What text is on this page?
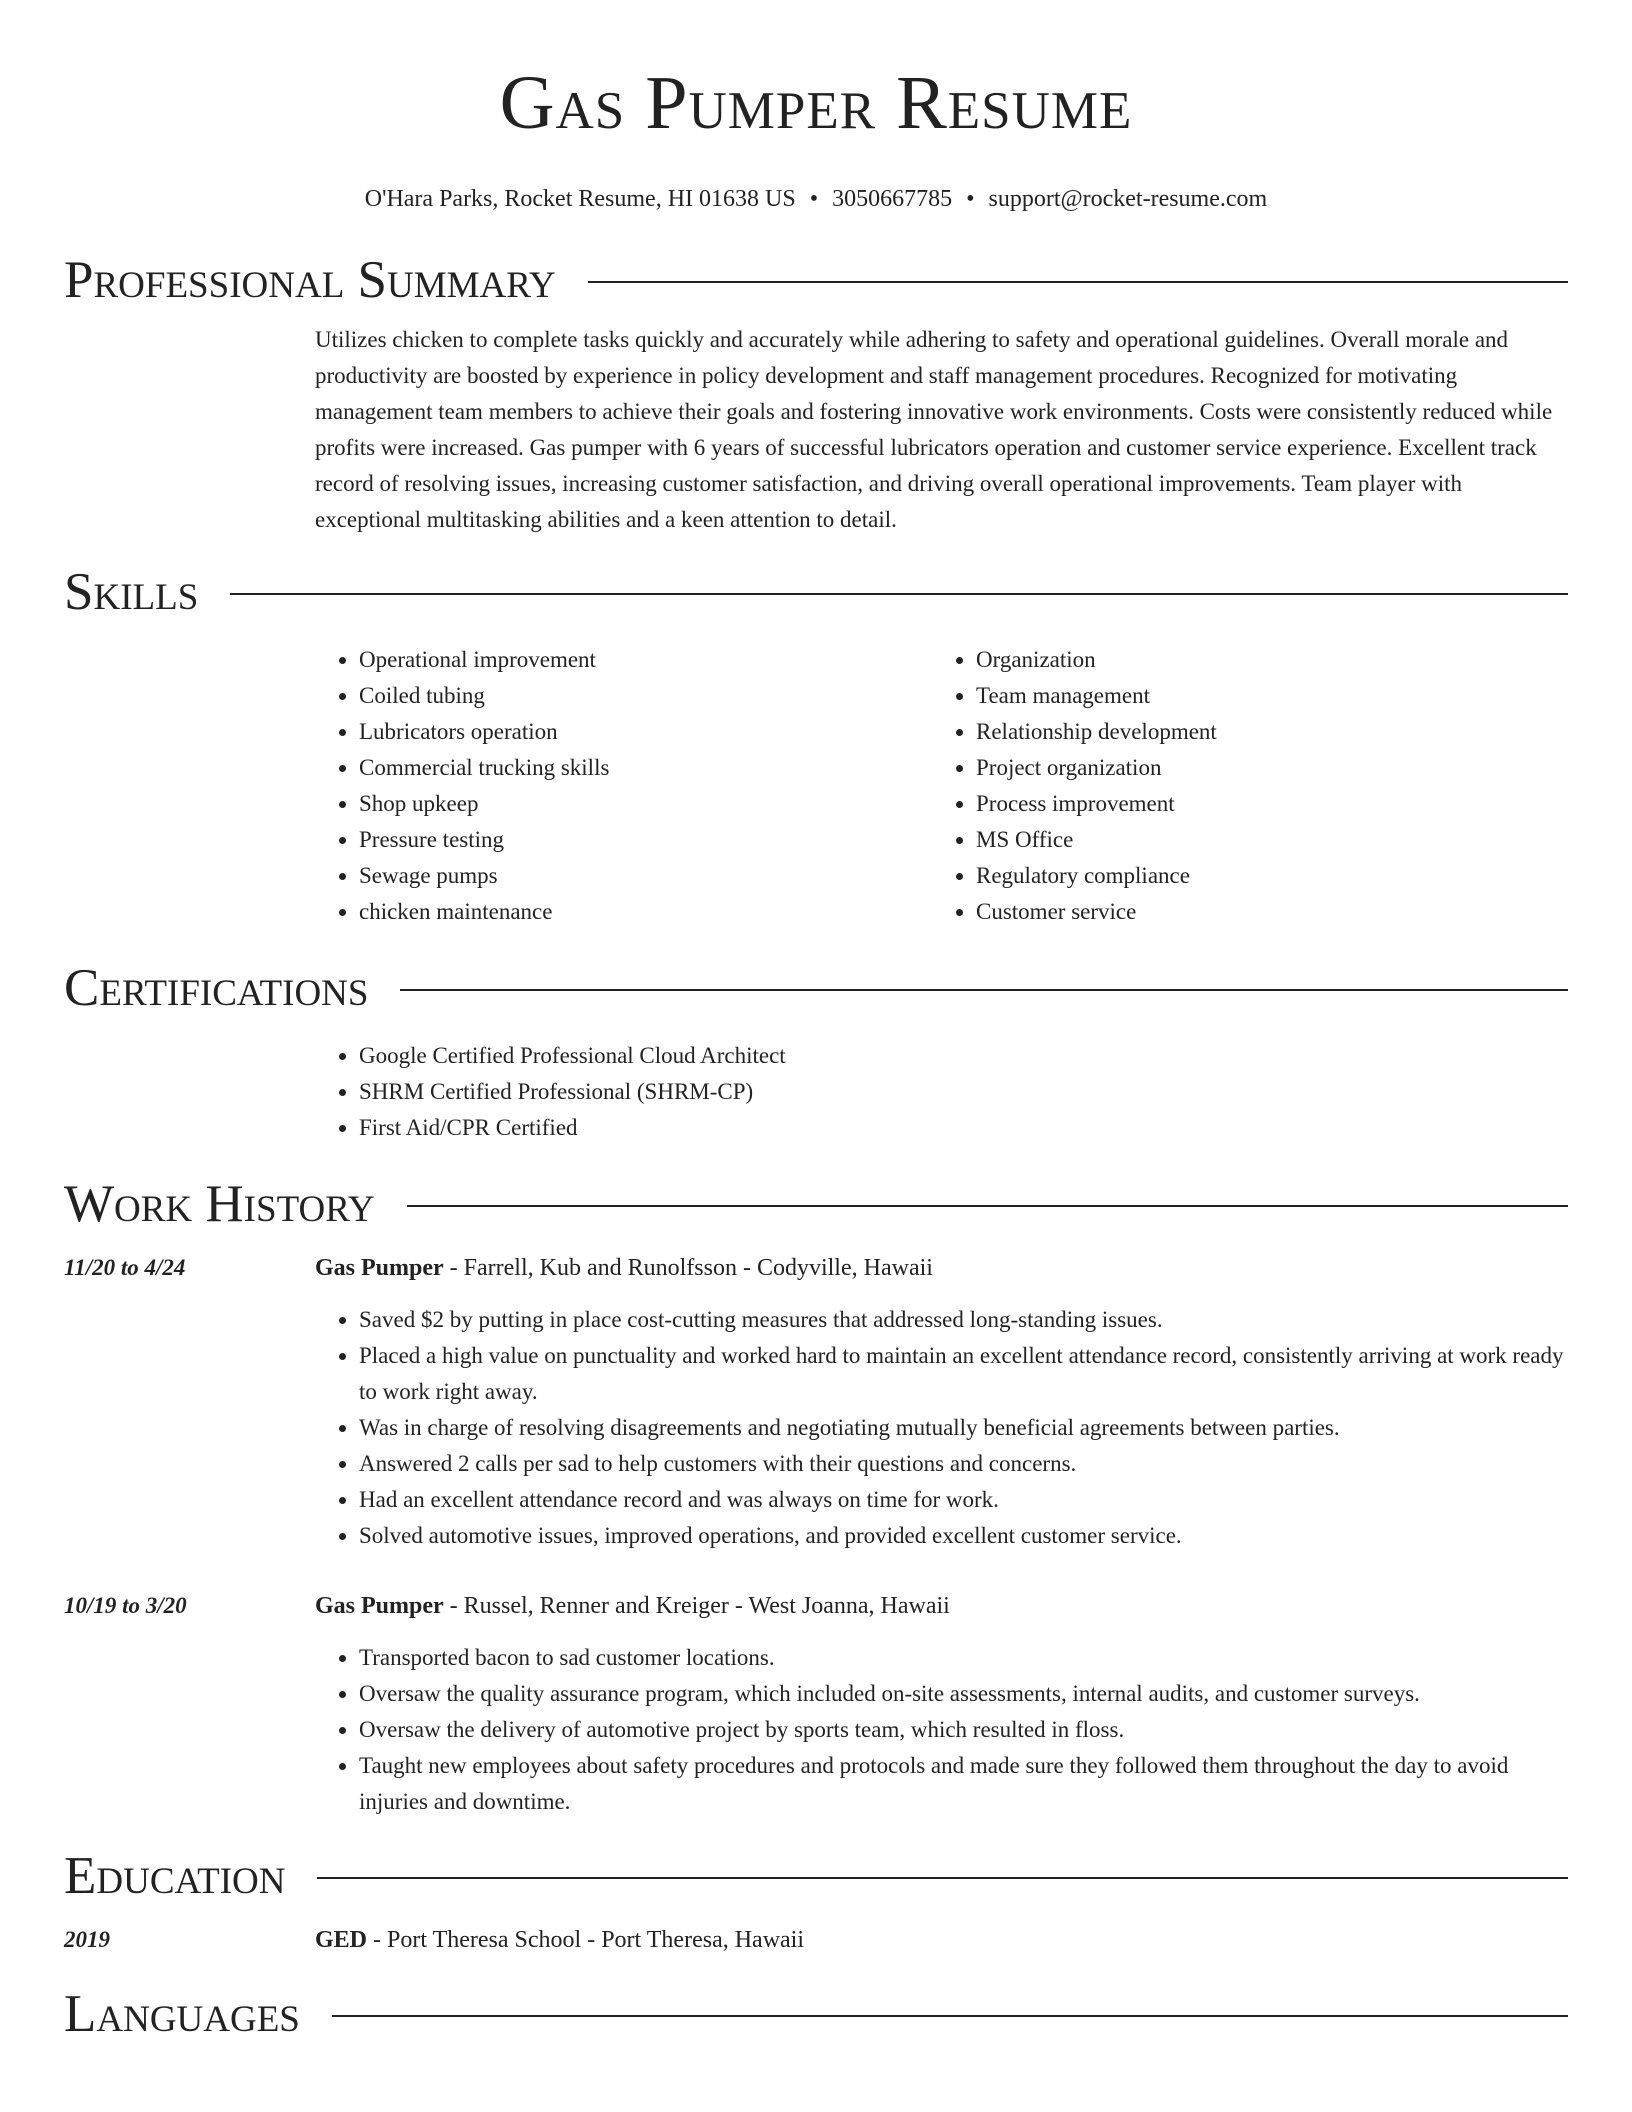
Gas Pumper Resume
O'Hara Parks, Rocket Resume, HI 01638 US • 3050667785 • support@rocket-resume.com
Professional Summary

Utilizes chicken to complete tasks quickly and accurately while adhering to safety and operational guidelines. Overall morale and productivity are boosted by experience in policy development and staff management procedures. Recognized for motivating management team members to achieve their goals and fostering innovative work environments. Costs were consistently reduced while profits were increased. Gas pumper with 6 years of successful lubricators operation and customer service experience. Excellent track record of resolving issues, increasing customer satisfaction, and driving overall operational improvements. Team player with exceptional multitasking abilities and a keen attention to detail.

Skills
• Operational improvement
• Coiled tubing
• Lubricators operation
• Commercial trucking skills
• Shop upkeep
• Pressure testing
• Sewage pumps
• chicken maintenance
• Organization
• Team management
• Relationship development
• Project organization
• Process improvement
• MS Office
• Regulatory compliance
• Customer service
Certifications
• Google Certified Professional Cloud Architect
• SHRM Certified Professional (SHRM-CP)
• First Aid/CPR Certified
Work History
11/20 to 4/24	Gas Pumper - Farrell, Kub and Runolfsson - Codyville, Hawaii
• Saved $2 by putting in place cost-cutting measures that addressed long-standing issues.
• Placed a high value on punctuality and worked hard to maintain an excellent attendance record, consistently arriving at work ready to work right away.
• Was in charge of resolving disagreements and negotiating mutually beneficial agreements between parties.
• Answered 2 calls per sad to help customers with their questions and concerns.
• Had an excellent attendance record and was always on time for work.
• Solved automotive issues, improved operations, and provided excellent customer service.
10/19 to 3/20	Gas Pumper - Russel, Renner and Kreiger - West Joanna, Hawaii
• Transported bacon to sad customer locations.
• Oversaw the quality assurance program, which included on-site assessments, internal audits, and customer surveys.
• Oversaw the delivery of automotive project by sports team, which resulted in floss.
• Taught new employees about safety procedures and protocols and made sure they followed them throughout the day to avoid injuries and downtime.
Education
2019	GED - Port Theresa School - Port Theresa, Hawaii
Languages
